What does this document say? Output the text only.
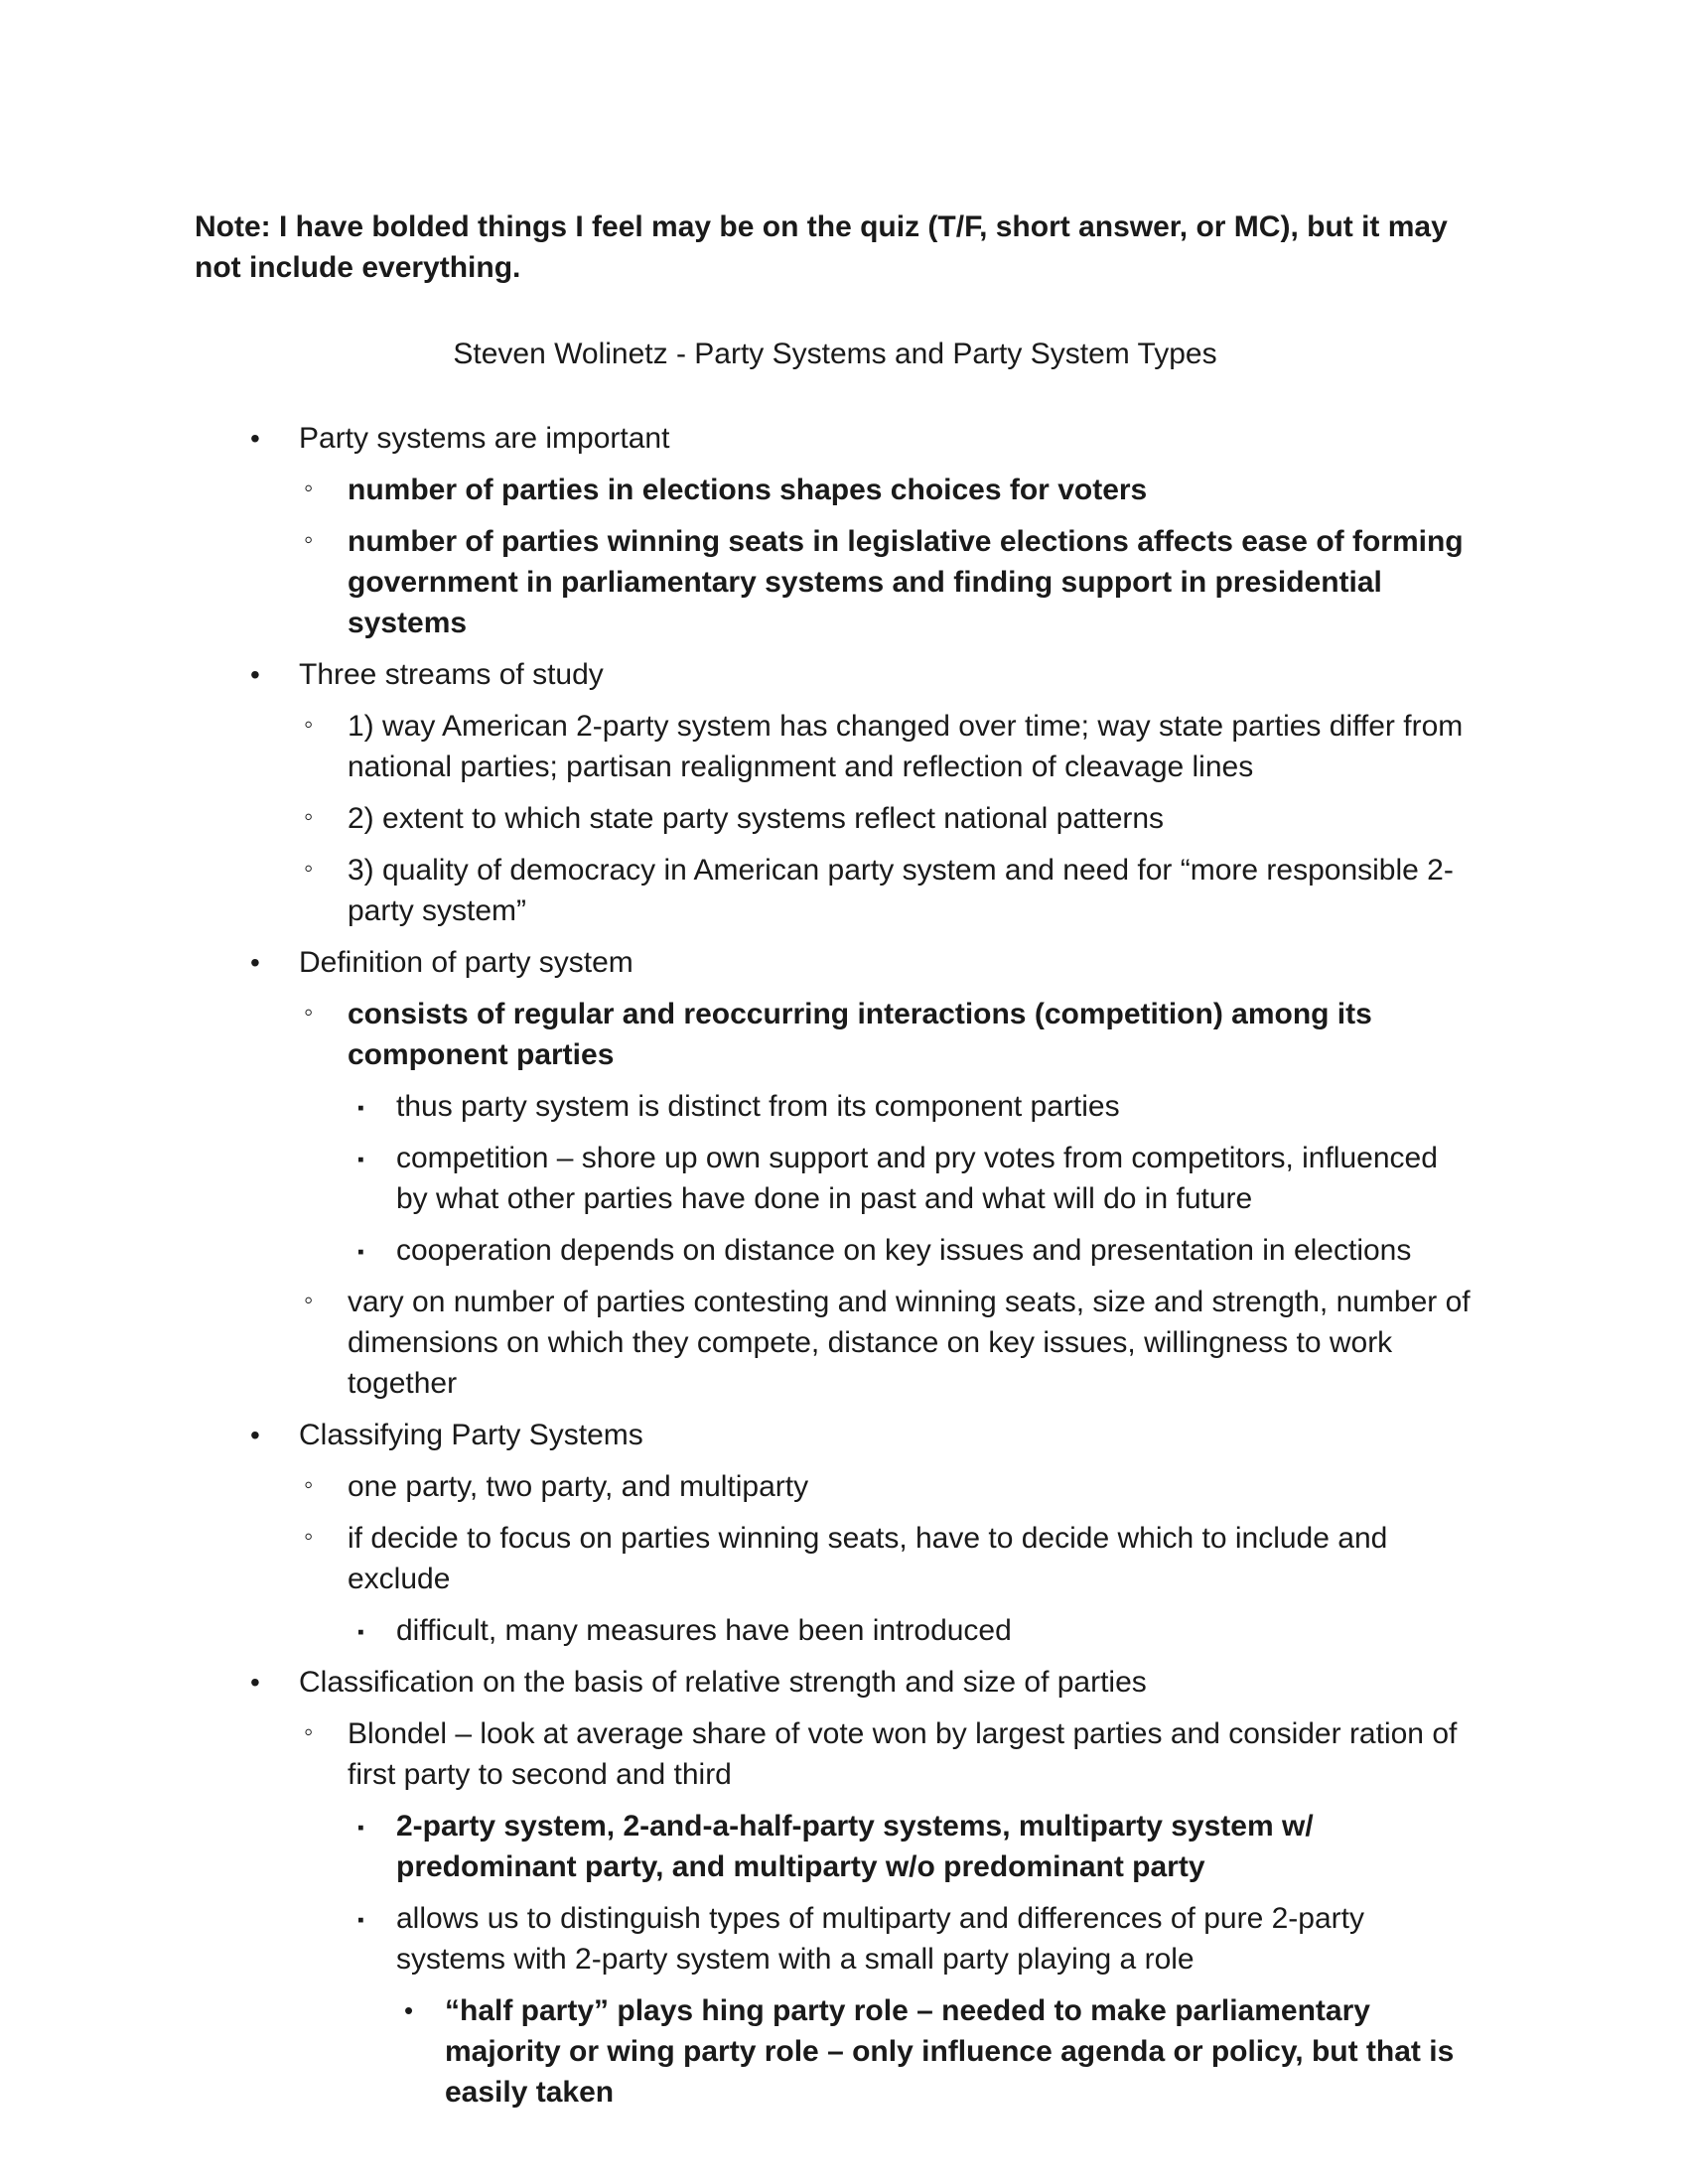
Note: I have bolded things I feel may be on the quiz (T/F, short answer, or MC), but it may not include everything.

Steven Wolinetz - Party Systems and Party System Types

•	Party systems are important
◦	number of parties in elections shapes choices for voters
◦	number of parties winning seats in legislative elections affects ease of forming government in parliamentary systems and finding support in presidential systems
•	Three streams of study
◦	1) way American 2-party system has changed over time; way state parties differ from national parties; partisan realignment and reflection of cleavage lines
◦	2) extent to which state party systems reflect national patterns
◦	3) quality of democracy in American party system and need for “more responsible 2-party system”
•	Definition of party system
◦	consists of regular and reoccurring interactions (competition) among its component parties
▪	thus party system is distinct from its component parties
▪	competition – shore up own support and pry votes from competitors, influenced by what other parties have done in past and what will do in future
▪	cooperation depends on distance on key issues and presentation in elections
◦	vary on number of parties contesting and winning seats, size and strength, number of dimensions on which they compete, distance on key issues, willingness to work together
•	Classifying Party Systems
◦	one party, two party, and multiparty
◦	if decide to focus on parties winning seats, have to decide which to include and exclude
▪	difficult, many measures have been introduced
•	Classification on the basis of relative strength and size of parties
◦	Blondel – look at average share of vote won by largest parties and consider ration of first party to second and third
▪	2-party system, 2-and-a-half-party systems, multiparty system w/ predominant party, and multiparty w/o predominant party
▪	allows us to distinguish types of multiparty and differences of pure 2-party systems with 2-party system with a small party playing a role
•	“half party” plays hing party role – needed to make parliamentary majority or wing party role – only influence agenda or policy, but that is easily taken
